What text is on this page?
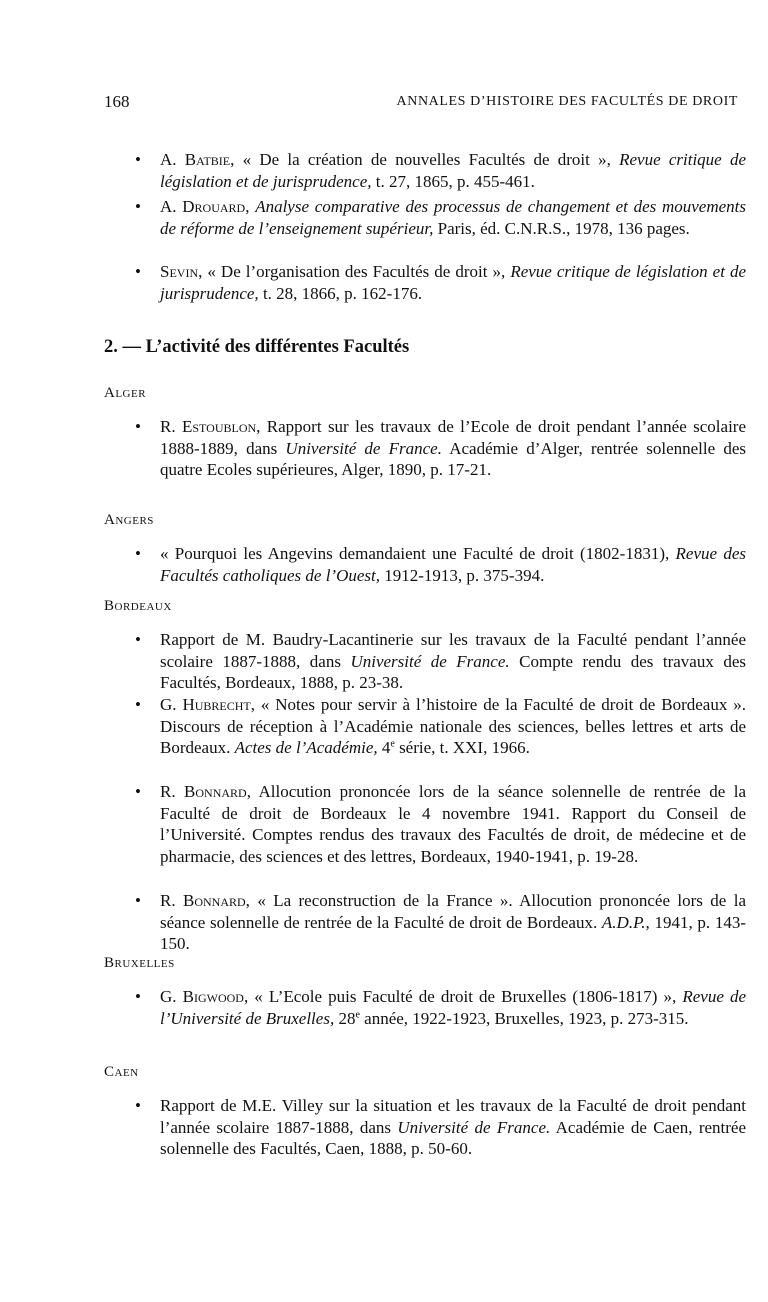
168	ANNALES D’HISTOIRE DES FACULTÉS DE DROIT
• A. Batbie, « De la création de nouvelles Facultés de droit », Revue critique de législation et de jurisprudence, t. 27, 1865, p. 455-461.
• A. Drouard, Analyse comparative des processus de changement et des mouvements de réforme de l’enseignement supérieur, Paris, éd. C.N.R.S., 1978, 136 pages.
• Sevin, « De l’organisation des Facultés de droit », Revue critique de législation et de jurisprudence, t. 28, 1866, p. 162-176.
2. — L’activité des différentes Facultés
Alger
• R. Estoublon, Rapport sur les travaux de l’Ecole de droit pendant l’année scolaire 1888-1889, dans Université de France. Académie d’Alger, rentrée solennelle des quatre Ecoles supérieures, Alger, 1890, p. 17-21.
Angers
• « Pourquoi les Angevins demandaient une Faculté de droit (1802-1831), Revue des Facultés catholiques de l’Ouest, 1912-1913, p. 375-394.
Bordeaux
• Rapport de M. Baudry-Lacantinerie sur les travaux de la Faculté pendant l’année scolaire 1887-1888, dans Université de France. Compte rendu des travaux des Facultés, Bordeaux, 1888, p. 23-38.
• G. Hubrecht, « Notes pour servir à l’histoire de la Faculté de droit de Bordeaux ». Discours de réception à l’Académie nationale des sciences, belles lettres et arts de Bordeaux. Actes de l’Académie, 4e série, t. XXI, 1966.
• R. Bonnard, Allocution prononcée lors de la séance solennelle de rentrée de la Faculté de droit de Bordeaux le 4 novembre 1941. Rapport du Conseil de l’Université. Comptes rendus des travaux des Facultés de droit, de médecine et de pharmacie, des sciences et des lettres, Bordeaux, 1940-1941, p. 19-28.
• R. Bonnard, « La reconstruction de la France ». Allocution prononcée lors de la séance solennelle de rentrée de la Faculté de droit de Bordeaux. A.D.P., 1941, p. 143-150.
Bruxelles
• G. Bigwood, « L’Ecole puis Faculté de droit de Bruxelles (1806-1817) », Revue de l’Université de Bruxelles, 28e année, 1922-1923, Bruxelles, 1923, p. 273-315.
Caen
• Rapport de M.E. Villey sur la situation et les travaux de la Faculté de droit pendant l’année scolaire 1887-1888, dans Université de France. Académie de Caen, rentrée solennelle des Facultés, Caen, 1888, p. 50-60.
